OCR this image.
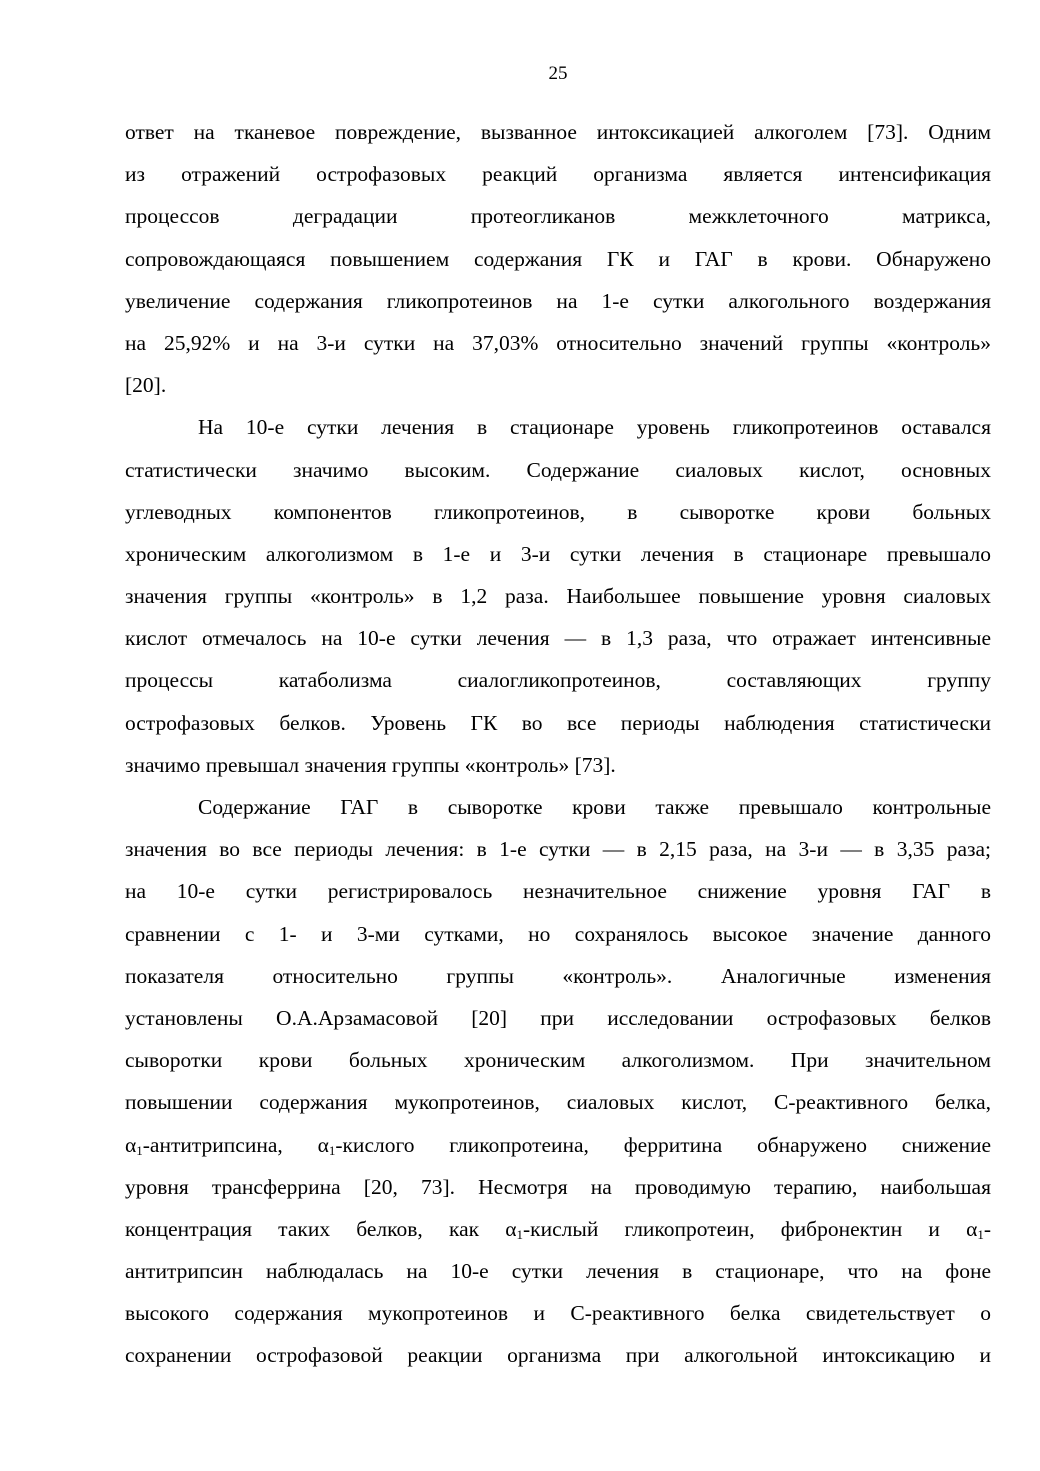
25
ответ на тканевое повреждение, вызванное интоксикацией алкоголем [73]. Одним
из отражений острофазовых реакций организма является интенсификация
процессов деградации протеогликанов межклеточного матрикса,
сопровождающаяся повышением содержания ГК и ГАГ в крови. Обнаружено
увеличение содержания гликопротеинов на 1-е сутки алкогольного воздержания
на 25,92% и на 3-и сутки на 37,03% относительно значений группы «контроль»
[20].
На 10-е сутки лечения в стационаре уровень гликопротеинов оставался
статистически значимо высоким. Содержание сиаловых кислот, основных
углеводных компонентов гликопротеинов, в сыворотке крови больных
хроническим алкоголизмом в 1-е и 3-и сутки лечения в стационаре превышало
значения группы «контроль» в 1,2 раза. Наибольшее повышение уровня сиаловых
кислот отмечалось на 10-е сутки лечения — в 1,3 раза, что отражает интенсивные
процессы катаболизма сиалогликопротеинов, составляющих группу
острофазовых белков. Уровень ГК во все периоды наблюдения статистически
значимо превышал значения группы «контроль» [73].
Содержание ГАГ в сыворотке крови также превышало контрольные
значения во все периоды лечения: в 1-е сутки — в 2,15 раза, на 3-и — в 3,35 раза;
на 10-е сутки регистрировалось незначительное снижение уровня ГАГ в
сравнении с 1- и 3-ми сутками, но сохранялось высокое значение данного
показателя относительно группы «контроль». Аналогичные изменения
установлены О.А.Арзамасовой [20] при исследовании острофазовых белков
сыворотки крови больных хроническим алкоголизмом. При значительном
повышении содержания мукопротеинов, сиаловых кислот, С-реактивного белка,
$\alpha_1$-антитрипсина, $\alpha_1$-кислого гликопротеина, ферритина обнаружено снижение
уровня трансферрина [20, 73]. Несмотря на проводимую терапию, наибольшая
концентрация таких белков, как $\alpha_1$-кислый гликопротеин, фибронектин и $\alpha_1-$
антитрипсин наблюдалась на 10-е сутки лечения в стационаре, что на фоне
высокого содержания мукопротеинов и С-реактивного белка свидетельствует о
сохранении острофазовой реакции организма при алкогольной интоксикацию и
